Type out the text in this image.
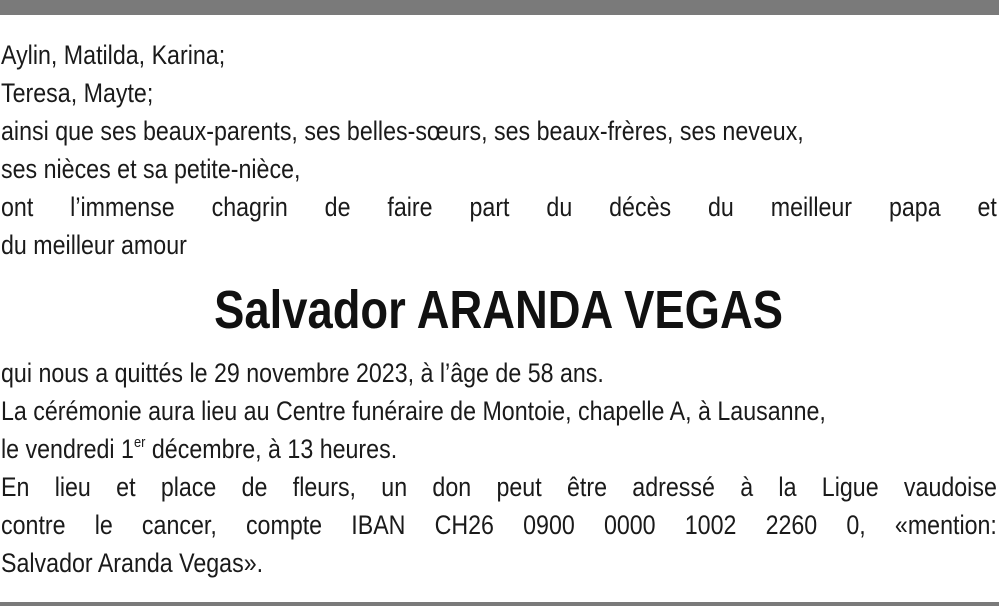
Aylin, Matilda, Karina;
Teresa, Mayte;
ainsi que ses beaux-parents, ses belles-sœurs, ses beaux-frères, ses neveux,
ses nièces et sa petite-nièce,
ont l’immense chagrin de faire part du décès du meilleur papa et
du meilleur amour
Salvador ARANDA VEGAS
qui nous a quittés le 29 novembre 2023, à l’âge de 58 ans.
La cérémonie aura lieu au Centre funéraire de Montoie, chapelle A, à Lausanne,
le vendredi 1er décembre, à 13 heures.
En lieu et place de fleurs, un don peut être adressé à la Ligue vaudoise
contre le cancer, compte IBAN CH26 0900 0000 1002 2260 0, «mention:
Salvador Aranda Vegas».
